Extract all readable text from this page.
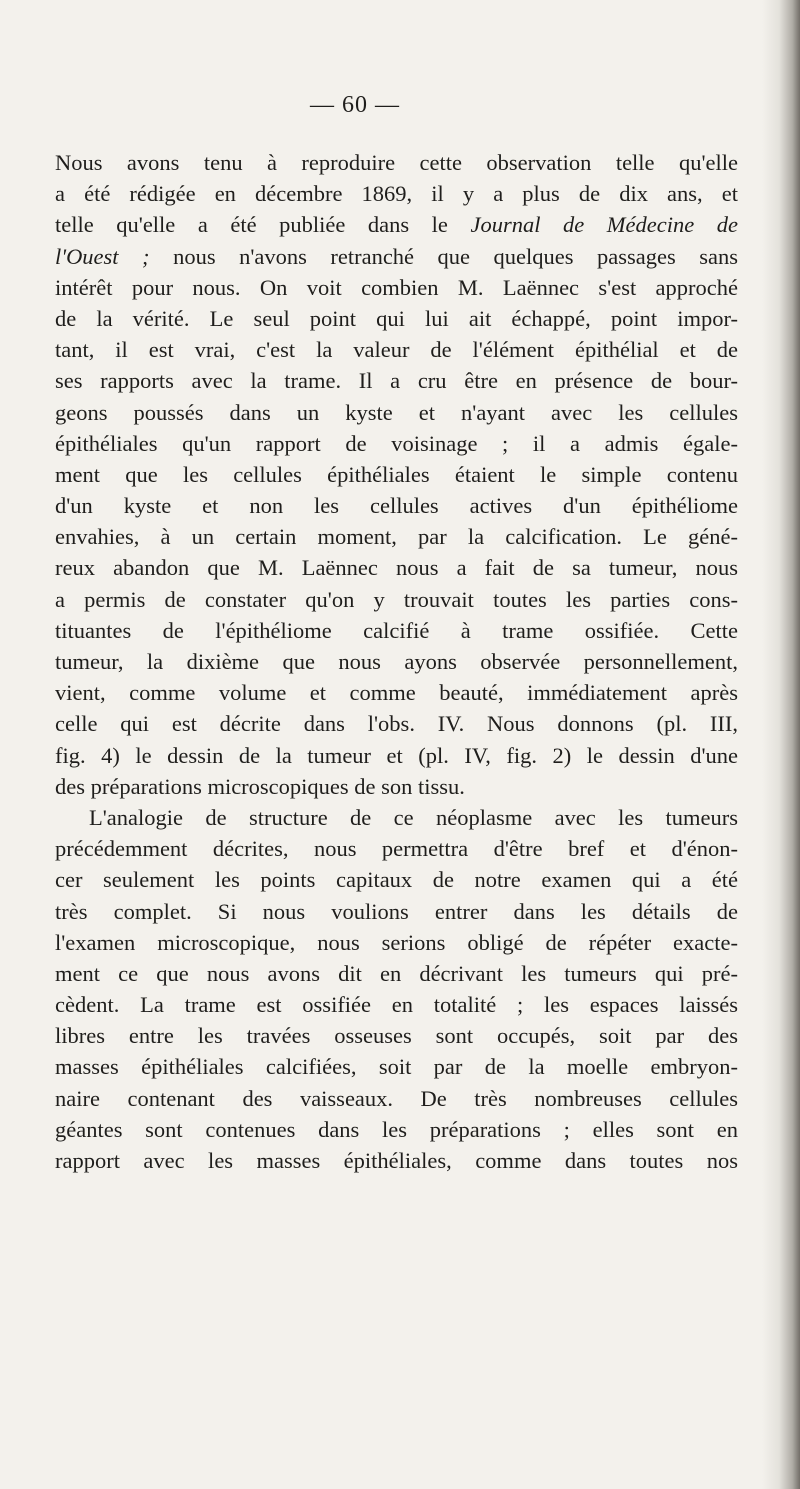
— 60 —
Nous avons tenu à reproduire cette observation telle qu'elle
a été rédigée en décembre 1869, il y a plus de dix ans, et
telle qu'elle a été publiée dans le Journal de Médecine de
l'Ouest ; nous n'avons retranché que quelques passages sans
intérêt pour nous. On voit combien M. Laënnec s'est approché
de la vérité. Le seul point qui lui ait échappé, point impor-
tant, il est vrai, c'est la valeur de l'élément épithélial et de
ses rapports avec la trame. Il a cru être en présence de bour-
geons poussés dans un kyste et n'ayant avec les cellules
épithéliales qu'un rapport de voisinage ; il a admis égale-
ment que les cellules épithéliales étaient le simple contenu
d'un kyste et non les cellules actives d'un épithéliome
envahies, à un certain moment, par la calcification. Le géné-
reux abandon que M. Laënnec nous a fait de sa tumeur, nous
a permis de constater qu'on y trouvait toutes les parties cons-
tituantes de l'épithéliome calcifié à trame ossifiée. Cette
tumeur, la dixième que nous ayons observée personnellement,
vient, comme volume et comme beauté, immédiatement après
celle qui est décrite dans l'obs. IV. Nous donnons (pl. III,
fig. 4) le dessin de la tumeur et (pl. IV, fig. 2) le dessin d'une
des préparations microscopiques de son tissu.
L'analogie de structure de ce néoplasme avec les tumeurs
précédemment décrites, nous permettra d'être bref et d'énon-
cer seulement les points capitaux de notre examen qui a été
très complet. Si nous voulions entrer dans les détails de
l'examen microscopique, nous serions obligé de répéter exacte-
ment ce que nous avons dit en décrivant les tumeurs qui pré-
cèdent. La trame est ossifiée en totalité ; les espaces laissés
libres entre les travées osseuses sont occupés, soit par des
masses épithéliales calcifiées, soit par de la moelle embryon-
naire contenant des vaisseaux. De très nombreuses cellules
géantes sont contenues dans les préparations ; elles sont en
rapport avec les masses épithéliales, comme dans toutes nos
